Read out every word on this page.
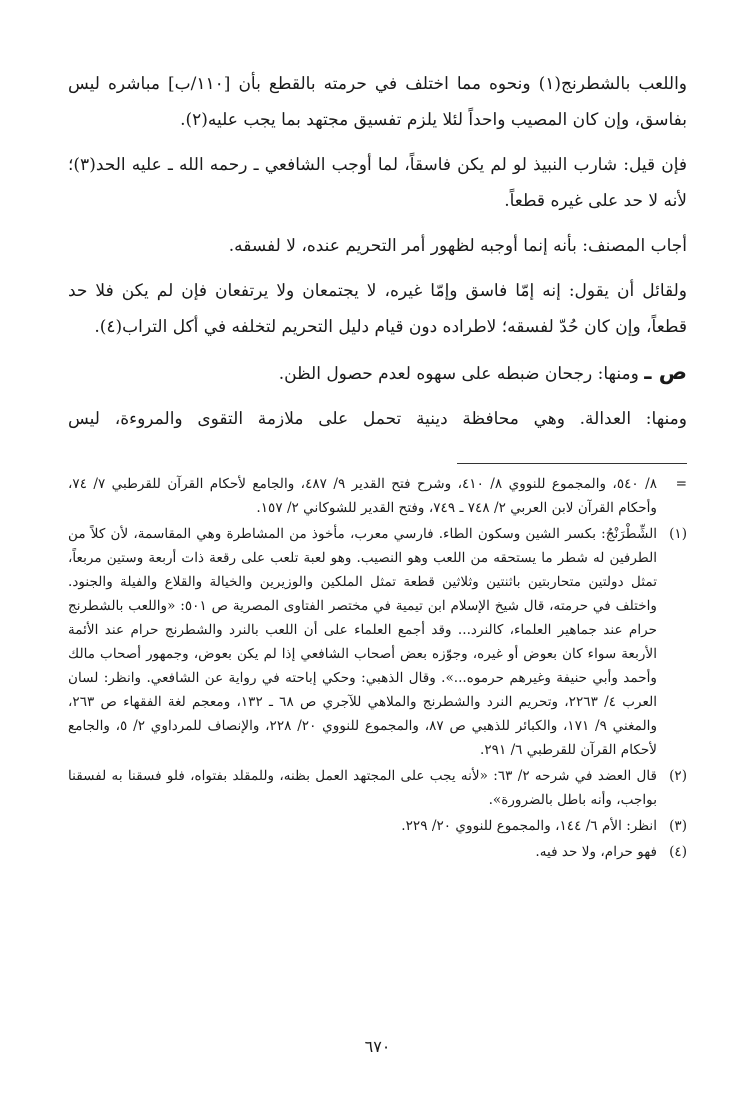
واللعب بالشطرنج(١) ونحوه مما اختلف في حرمته بالقطع بأن [١١٠/ب] مباشره ليس بفاسق، وإن كان المصيب واحداً لئلا يلزم تفسيق مجتهد بما يجب عليه(٢).

فإن قيل: شارب النبيذ لو لم يكن فاسقاً، لما أوجب الشافعي ـ رحمه الله ـ عليه الحد(٣)؛ لأنه لا حد على غيره قطعاً.

أجاب المصنف: بأنه إنما أوجبه لظهور أمر التحريم عنده، لا لفسقه.

ولقائل أن يقول: إنه إمّا فاسق وإمّا غيره، لا يجتمعان ولا يرتفعان فإن لم يكن فلا حد قطعاً، وإن كان حُدّ لفسقه؛ لاطراده دون قيام دليل التحريم لتخلفه في أكل التراب(٤).

ص ـ ومنها: رجحان ضبطه على سهوه لعدم حصول الظن.

ومنها: العدالة. وهي محافظة دينية تحمل على ملازمة التقوى والمروءة، ليس

=
٨/ ٥٤٠، والمجموع للنووي ٨/ ٤١٠، وشرح فتح القدير ٩/ ٤٨٧، والجامع لأحكام القرآن للقرطبي ٧/ ٧٤، وأحكام القرآن لابن العربي ٢/ ٧٤٨ ـ ٧٤٩، وفتح القدير للشوكاني ٢/ ١٥٧.

(١)
الشِّطْرَنْجُ: بكسر الشين وسكون الطاء. فارسي معرب، مأخوذ من المشاطرة وهي المقاسمة، لأن كلاً من الطرفين له شطر ما يستحقه من اللعب وهو النصيب. وهو لعبة تلعب على رقعة ذات أربعة وستين مربعاً، تمثل دولتين متحاربتين باثنتين وثلاثين قطعة تمثل الملكين والوزيرين والخيالة والقلاع والفيلة والجنود. واختلف في حرمته، قال شيخ الإسلام ابن تيمية في مختصر الفتاوى المصرية ص ٥٠١: «واللعب بالشطرنج حرام عند جماهير العلماء، كالنرد... وقد أجمع العلماء على أن اللعب بالنرد والشطرنج حرام عند الأئمة الأربعة سواء كان بعوض أو غيره، وجوّزه بعض أصحاب الشافعي إذا لم يكن بعوض، وجمهور أصحاب مالك وأحمد وأبي حنيفة وغيرهم حرموه...». وقال الذهبي: وحكي إباحته في رواية عن الشافعي. وانظر: لسان العرب ٤/ ٢٢٦٣، وتحريم النرد والشطرنج والملاهي للآجري ص ٦٨ ـ ١٣٢، ومعجم لغة الفقهاء ص ٢٦٣، والمغني ٩/ ١٧١، والكبائر للذهبي ص ٨٧، والمجموع للنووي ٢٠/ ٢٢٨، والإنصاف للمرداوي ٢/ ٥، والجامع لأحكام القرآن للقرطبي ٦/ ٢٩١.

(٢)
قال العضد في شرحه ٢/ ٦٣: «لأنه يجب على المجتهد العمل بظنه، وللمقلد بفتواه، فلو فسقنا به لفسقنا بواجب، وأنه باطل بالضرورة».

(٣)
انظر: الأم ٦/ ١٤٤، والمجموع للنووي ٢٠/ ٢٢٩.

(٤)
فهو حرام، ولا حد فيه.

٦٧٠
